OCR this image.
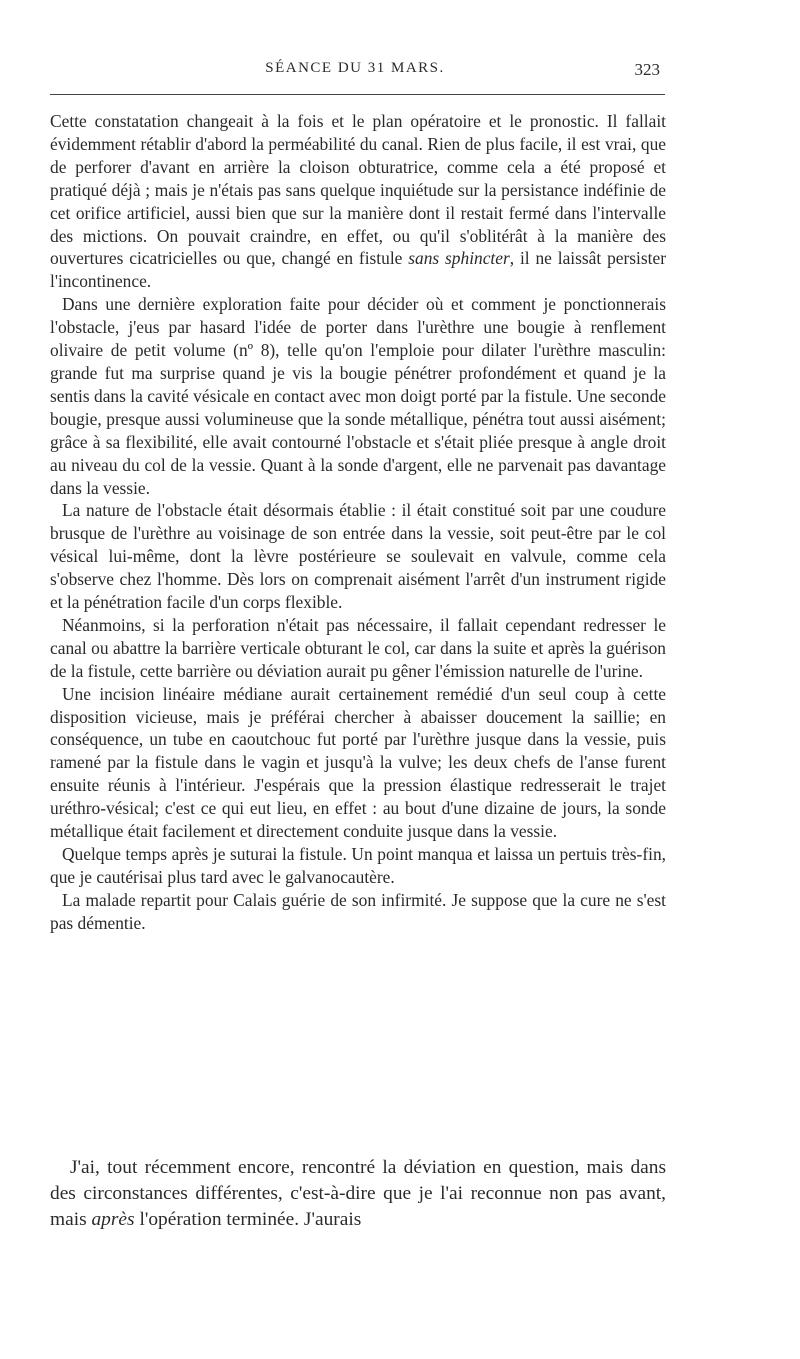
SÉANCE DU 31 MARS.	323

Cette constatation changeait à la fois et le plan opératoire et le pronostic. Il fallait évidemment rétablir d'abord la perméabilité du canal. Rien de plus facile, il est vrai, que de perforer d'avant en arrière la cloison obturatrice, comme cela a été proposé et pratiqué déjà ; mais je n'étais pas sans quelque inquiétude sur la persistance indéfinie de cet orifice artificiel, aussi bien que sur la manière dont il restait fermé dans l'intervalle des mictions. On pouvait craindre, en effet, ou qu'il s'oblitérât à la manière des ouvertures cicatricielles ou que, changé en fistule sans sphincter, il ne laissât persister l'incontinence.

Dans une dernière exploration faite pour décider où et comment je ponctionnerais l'obstacle, j'eus par hasard l'idée de porter dans l'urèthre une bougie à renflement olivaire de petit volume (nº 8), telle qu'on l'emploie pour dilater l'urèthre masculin: grande fut ma surprise quand je vis la bougie pénétrer profondément et quand je la sentis dans la cavité vésicale en contact avec mon doigt porté par la fistule. Une seconde bougie, presque aussi volumineuse que la sonde métallique, pénétra tout aussi aisément; grâce à sa flexibilité, elle avait contourné l'obstacle et s'était pliée presque à angle droit au niveau du col de la vessie. Quant à la sonde d'argent, elle ne parvenait pas davantage dans la vessie.

La nature de l'obstacle était désormais établie : il était constitué soit par une coudure brusque de l'urèthre au voisinage de son entrée dans la vessie, soit peut-être par le col vésical lui-même, dont la lèvre postérieure se soulevait en valvule, comme cela s'observe chez l'homme. Dès lors on comprenait aisément l'arrêt d'un instrument rigide et la pénétration facile d'un corps flexible.

Néanmoins, si la perforation n'était pas nécessaire, il fallait cependant redresser le canal ou abattre la barrière verticale obturant le col, car dans la suite et après la guérison de la fistule, cette barrière ou déviation aurait pu gêner l'émission naturelle de l'urine.

Une incision linéaire médiane aurait certainement remédié d'un seul coup à cette disposition vicieuse, mais je préférai chercher à abaisser doucement la saillie; en conséquence, un tube en caoutchouc fut porté par l'urèthre jusque dans la vessie, puis ramené par la fistule dans le vagin et jusqu'à la vulve; les deux chefs de l'anse furent ensuite réunis à l'intérieur. J'espérais que la pression élastique redresserait le trajet uréthro-vésical; c'est ce qui eut lieu, en effet : au bout d'une dizaine de jours, la sonde métallique était facilement et directement conduite jusque dans la vessie.

Quelque temps après je suturai la fistule. Un point manqua et laissa un pertuis très-fin, que je cautérisai plus tard avec le galvanocautère.

La malade repartit pour Calais guérie de son infirmité. Je suppose que la cure ne s'est pas démentie.

J'ai, tout récemment encore, rencontré la déviation en question, mais dans des circonstances différentes, c'est-à-dire que je l'ai reconnue non pas avant, mais après l'opération terminée. J'aurais
